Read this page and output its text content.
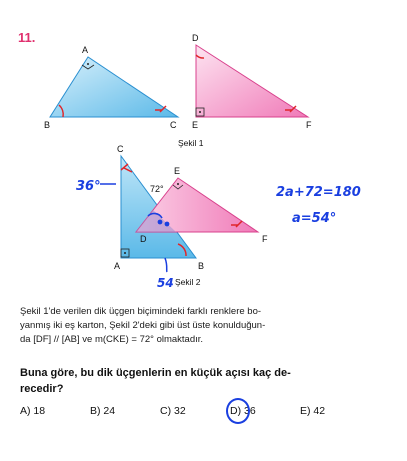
11.
A
B	C
D
E	F
Şekil 1
C
E
D	F
A	B
72°
Şekil 2
36°
54
2a+72=180
a=54°

Şekil 1'de verilen dik üçgen biçimindeki farklı renklere bo-

yanmış iki eş karton, Şekil 2'deki gibi üst üste konulduğun-

da [DF] // [AB] ve m(CKE) = 72° olmaktadır.

Buna göre, bu dik üçgenlerin en küçük açısı kaç de-
recedir?
A) 18	B) 24	C) 32	D) 36	E) 42
